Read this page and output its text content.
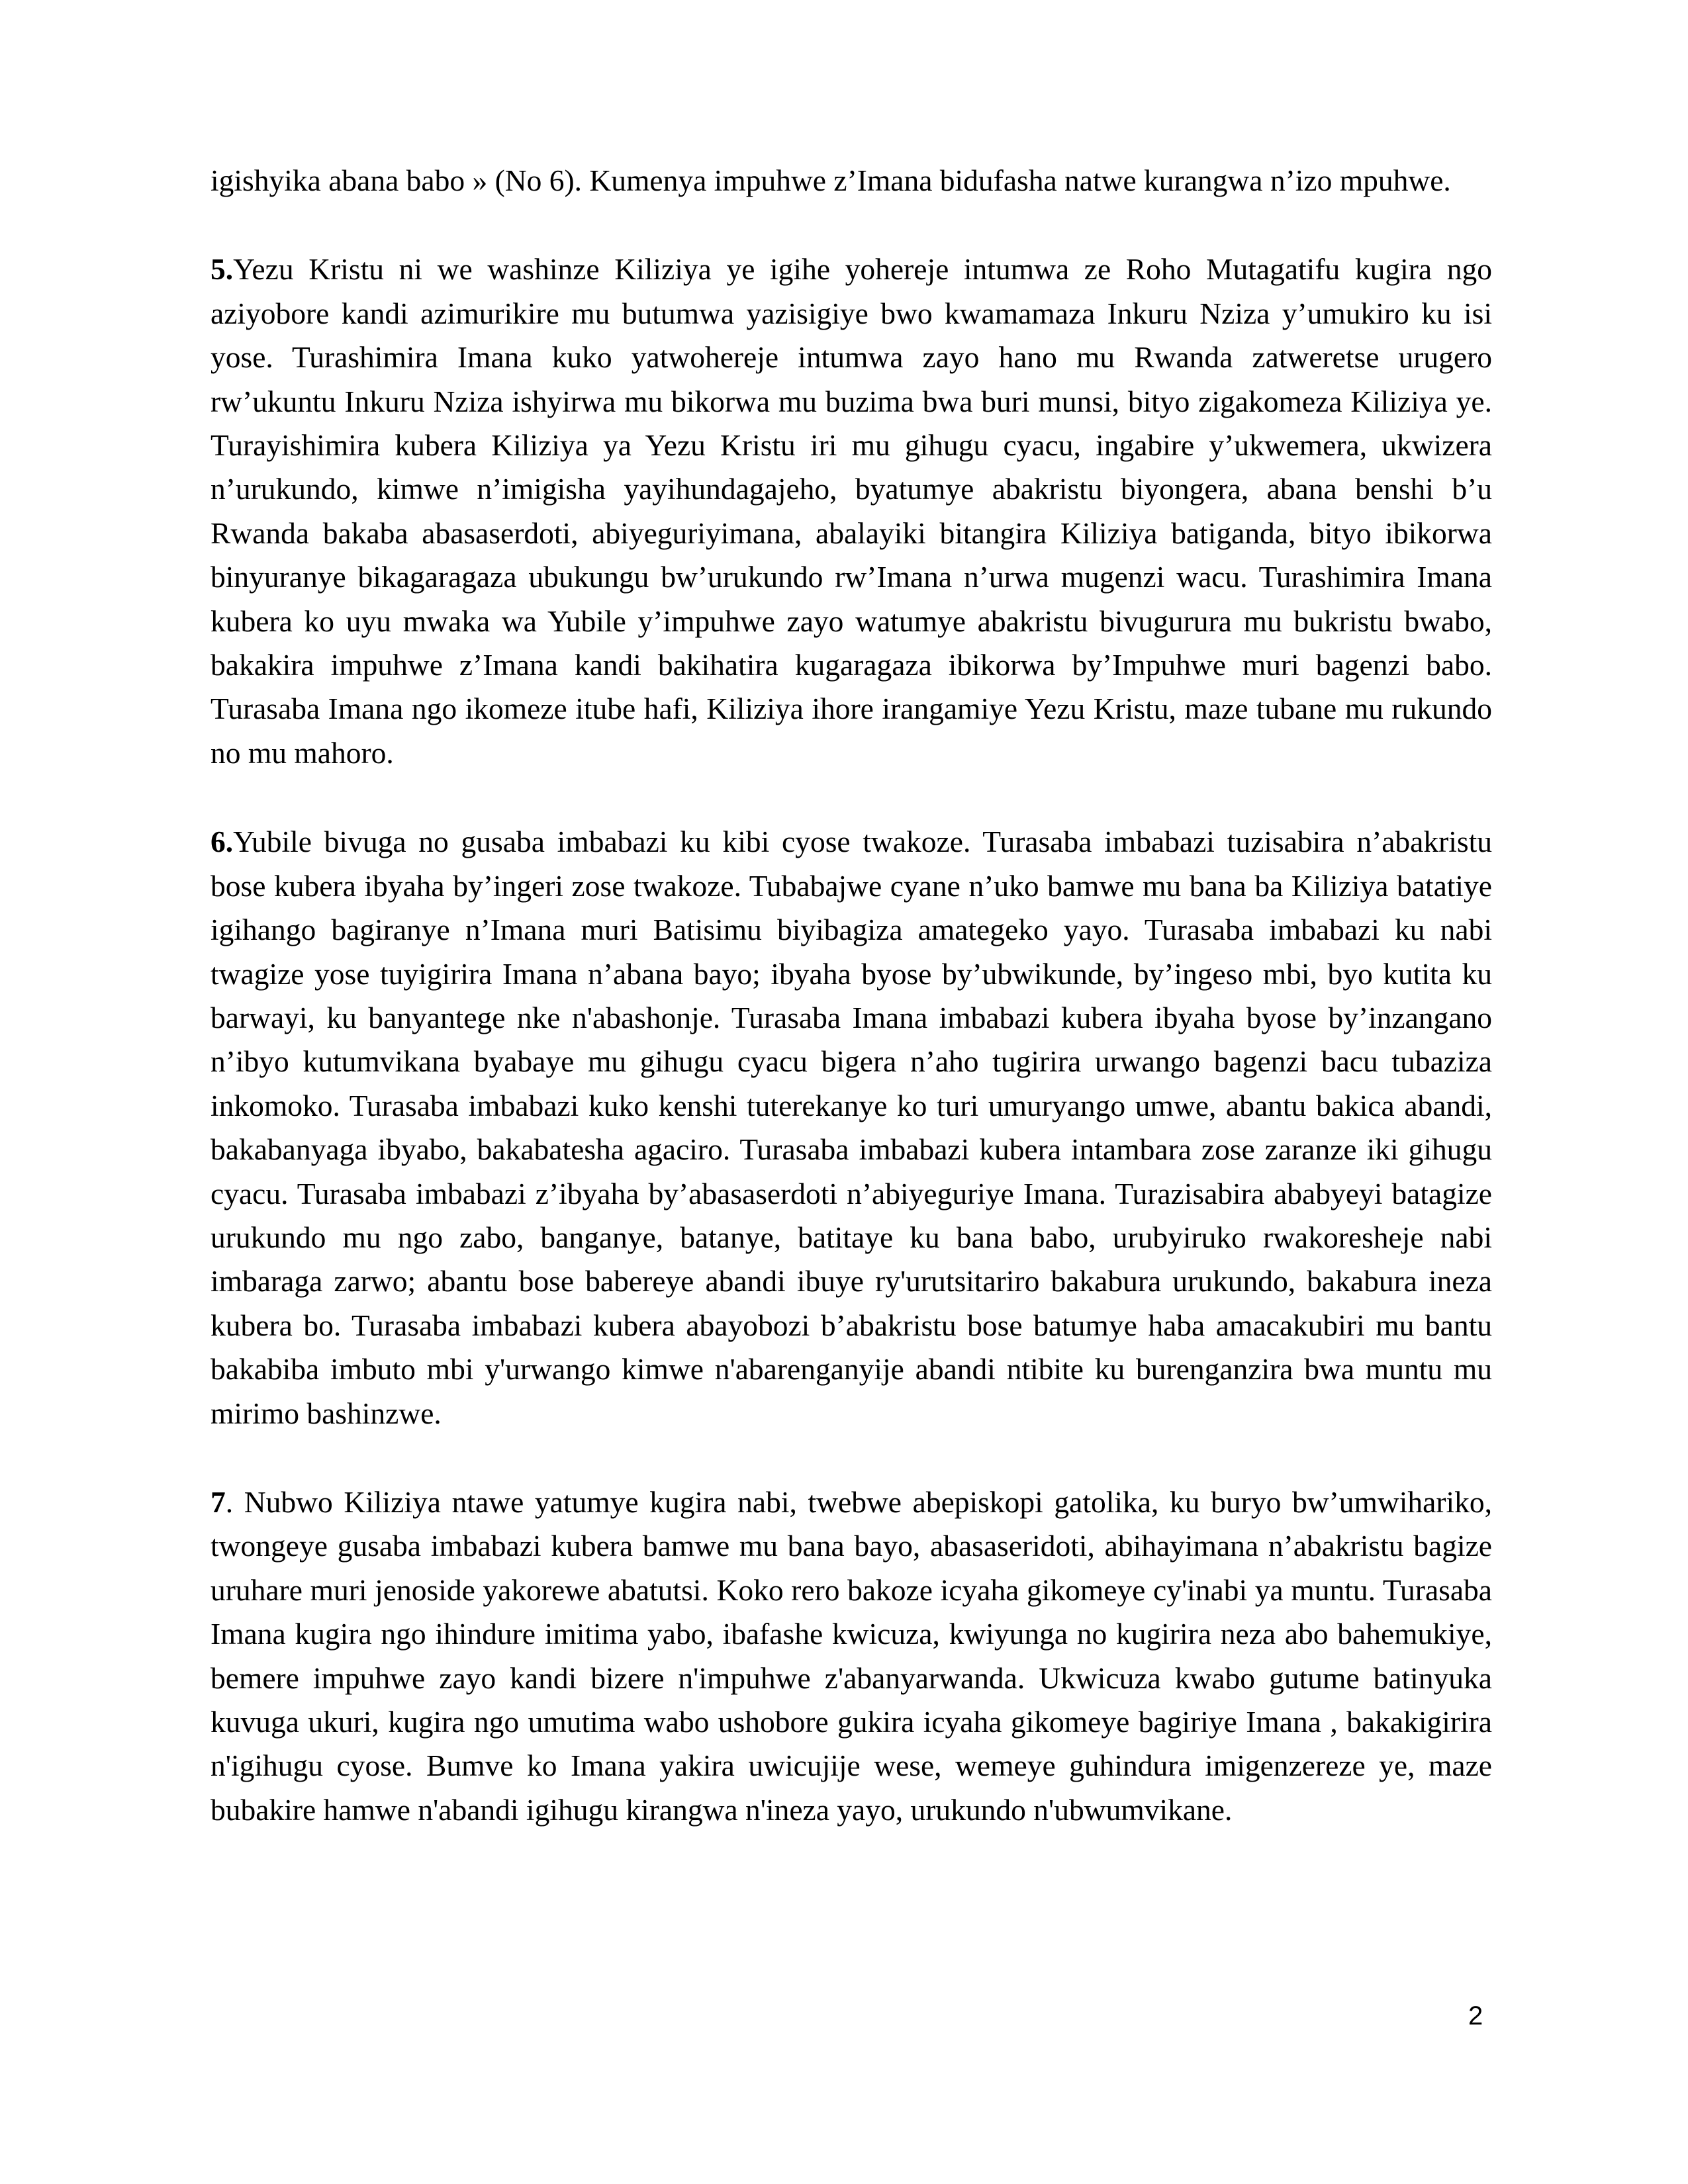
igishyika abana babo » (No 6). Kumenya impuhwe z’Imana bidufasha natwe kurangwa n’izo mpuhwe.

5.Yezu Kristu ni we washinze Kiliziya ye igihe yohereje intumwa ze Roho Mutagatifu kugira ngo aziyobore kandi azimurikire mu butumwa yazisigiye bwo kwamamaza Inkuru Nziza y’umukiro ku isi yose. Turashimira Imana kuko yatwohereje intumwa zayo hano mu Rwanda zatweretse urugero rw’ukuntu Inkuru Nziza ishyirwa mu bikorwa mu buzima bwa buri munsi, bityo zigakomeza Kiliziya ye. Turayishimira kubera Kiliziya ya Yezu Kristu iri mu gihugu cyacu, ingabire y’ukwemera, ukwizera n’urukundo, kimwe n’imigisha yayihundagajeho, byatumye abakristu biyongera, abana benshi b’u Rwanda bakaba abasaserdoti, abiyeguriyimana, abalayiki bitangira Kiliziya batiganda, bityo ibikorwa binyuranye bikagaragaza ubukungu bw’urukundo rw’Imana n’urwa mugenzi wacu. Turashimira Imana kubera ko uyu mwaka wa Yubile y’impuhwe zayo watumye abakristu bivugurura mu bukristu bwabo, bakakira impuhwe z’Imana kandi bakihatira kugaragaza ibikorwa by’Impuhwe muri bagenzi babo. Turasaba Imana ngo ikomeze itube hafi, Kiliziya ihore irangamiye Yezu Kristu, maze tubane mu rukundo no mu mahoro.

6.Yubile bivuga no gusaba imbabazi ku kibi cyose twakoze. Turasaba imbabazi tuzisabira n’abakristu bose kubera ibyaha by’ingeri zose twakoze. Tubabajwe cyane n’uko bamwe mu bana ba Kiliziya batatiye igihango bagiranye n’Imana muri Batisimu biyibagiza amategeko yayo. Turasaba imbabazi ku nabi twagize yose tuyigirira Imana n’abana bayo; ibyaha byose by’ubwikunde, by’ingeso mbi, byo kutita ku barwayi, ku banyantege nke n'abashonje. Turasaba Imana imbabazi kubera ibyaha byose by’inzangano n’ibyo kutumvikana byabaye mu gihugu cyacu bigera n’aho tugirira urwango bagenzi bacu tubaziza inkomoko. Turasaba imbabazi kuko kenshi tuterekanye ko turi umuryango umwe, abantu bakica abandi, bakabanyaga ibyabo, bakabatesha agaciro. Turasaba imbabazi kubera intambara zose zaranze iki gihugu cyacu. Turasaba imbabazi z’ibyaha by’abasaserdoti n’abiyeguriye Imana. Turazisabira ababyeyi batagize urukundo mu ngo zabo, banganye, batanye, batitaye ku bana babo, urubyiruko rwakoresheje nabi imbaraga zarwo; abantu bose babereye abandi ibuye ry'urutsitariro bakabura urukundo, bakabura ineza kubera bo. Turasaba imbabazi kubera abayobozi b’abakristu bose batumye haba amacakubiri mu bantu bakabiba imbuto mbi y'urwango kimwe n'abarenganyije abandi ntibite ku burenganzira bwa muntu mu mirimo bashinzwe.

7. Nubwo Kiliziya ntawe yatumye kugira nabi, twebwe abepiskopi gatolika, ku buryo bw’umwihariko, twongeye gusaba imbabazi kubera bamwe mu bana bayo, abasaseridoti, abihayimana n’abakristu bagize uruhare muri jenoside yakorewe abatutsi. Koko rero bakoze icyaha gikomeye cy'inabi ya muntu. Turasaba Imana kugira ngo ihindure imitima yabo, ibafashe kwicuza, kwiyunga no kugirira neza abo bahemukiye, bemere impuhwe zayo kandi bizere n'impuhwe z'abanyarwanda. Ukwicuza kwabo gutume batinyuka kuvuga ukuri, kugira ngo umutima wabo ushobore gukira icyaha gikomeye bagiriye Imana , bakakigirira n'igihugu cyose. Bumve ko Imana yakira uwicujije wese, wemeye guhindura imigenzereze ye, maze bubakire hamwe n'abandi igihugu kirangwa n'ineza yayo, urukundo n'ubwumvikane.

2
